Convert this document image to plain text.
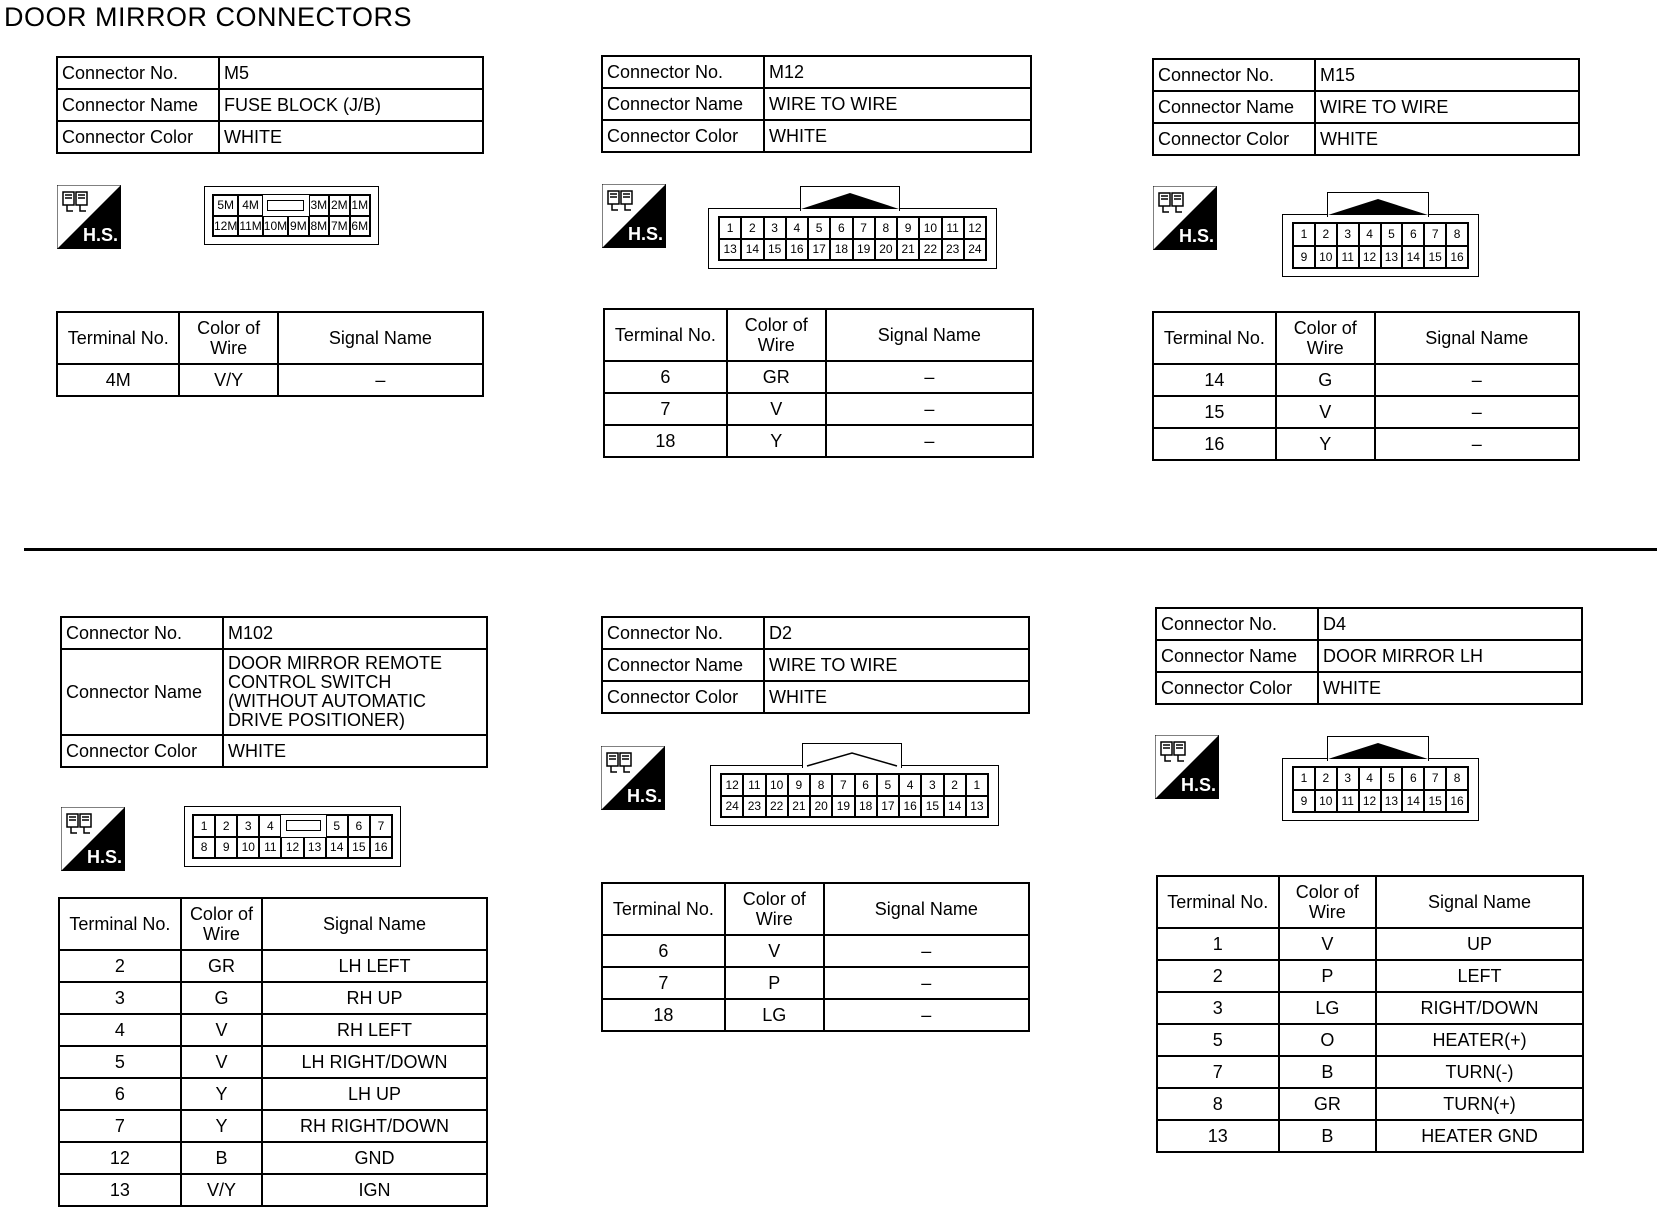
DOOR MIRROR CONNECTORS
Connector No.	M5
Connector Name	FUSE BLOCK (J/B)
Connector Color	WHITE
H.S.
5M 4M	3M 2M 1M
12M 11M 10M 9M 8M 7M 6M
Terminal No.	Color of Wire	Signal Name
4M	V/Y	–
Connector No.	M12
Connector Name	WIRE TO WIRE
Connector Color	WHITE
H.S.	1	2	3	4	5	6	7	8	9	10 11 12
13 14 15 16 17 18 19 20 21 22 23 24
Terminal No.	Color of Wire	Signal Name
6	GR	–
7	V	–
18	Y	–
Connector No.	M15
Connector Name	WIRE TO WIRE
Connector Color	WHITE
H.S.	1	2	3	4	5	6	7	8
9 10 11 12 13 14 15 16
Terminal No.	Color of Wire	Signal Name
14	G	–
15	V	–
16	Y	–
Connector No.	M102
Connector Name	DOOR MIRROR REMOTE CONTROL SWITCH (WITHOUT AUTOMATIC DRIVE POSITIONER)
Connector Color	WHITE
H.S.
1	2	3	4	5	6	7
8	9	10 11 12 13 14 15 16
Terminal No.	Color of Wire	Signal Name
2	GR	LH LEFT
3	G	RH UP
4	V	RH LEFT
5	V	LH RIGHT/DOWN
6	Y	LH UP
7	Y	RH RIGHT/DOWN
12	B	GND
13	V/Y	IGN
Connector No.	D2
Connector Name	WIRE TO WIRE
Connector Color	WHITE
H.S.
12 11 10	9	8	7	6	5	4	3	2	1
24 23 22 21 20 19 18 17 16 15 14 13
Terminal No.	Color of Wire	Signal Name
6	V	–
7	P	–
18	LG	–
Connector No.	D4
Connector Name	DOOR MIRROR LH
Connector Color	WHITE
H.S.	1	2	3	4	5	6	7	8
9 10 11 12 13 14 15 16
Terminal No.	Color of Wire	Signal Name
1	V	UP
2	P	LEFT
3	LG	RIGHT/DOWN
5	O	HEATER(+)
7	B	TURN(-)
8	GR	TURN(+)
13	B	HEATER GND
